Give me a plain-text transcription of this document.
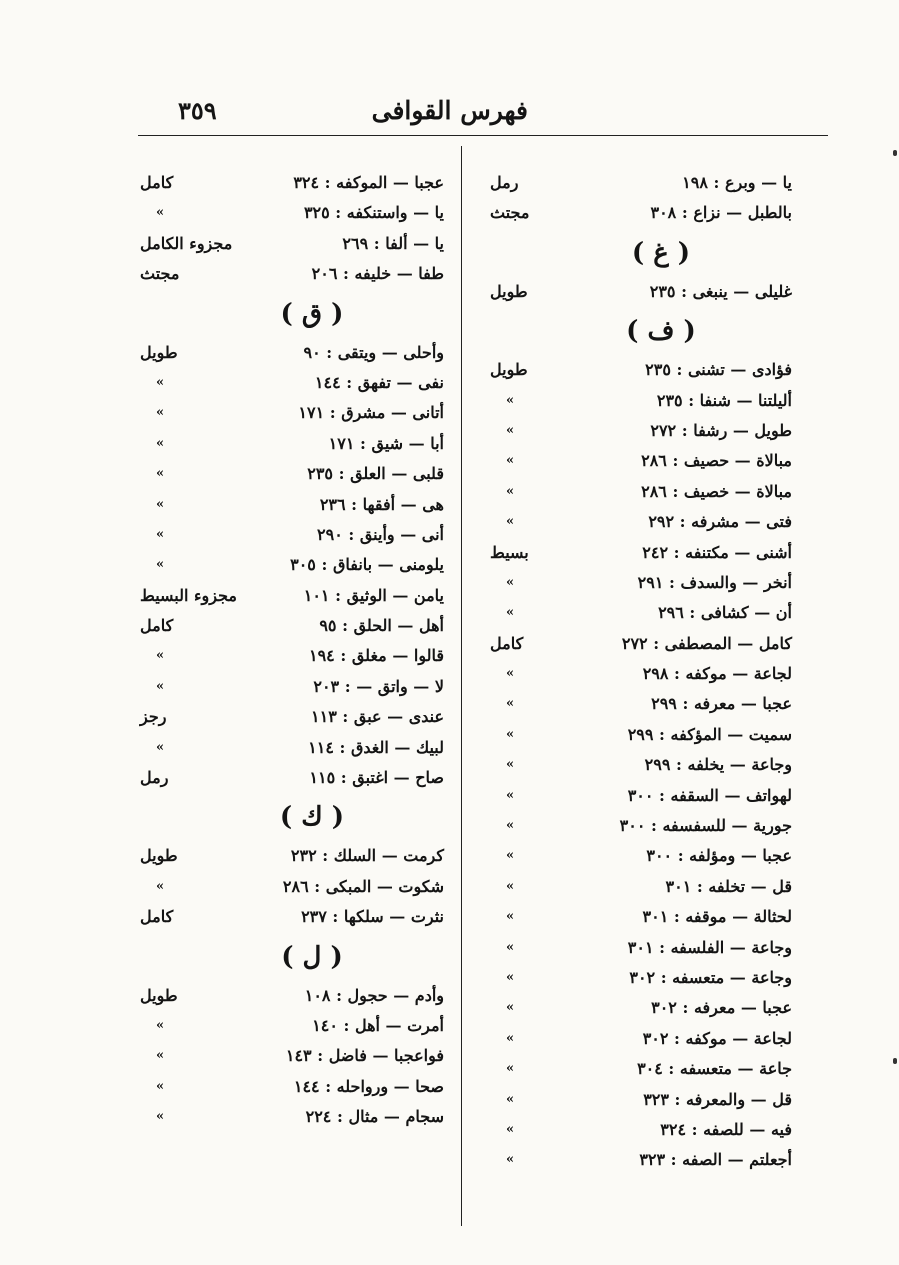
فهرس القوافى
٣٥٩
يا — وبرع : ١٩٨
رمل
بالطبل — نزاع : ٣٠٨
مجتث
( غ )
غليلى — ينبغى : ٢٣٥
طويل
( ف )
فؤادى — تشنى : ٢٣٥
طويل
أليلتنا — شنفا : ٢٣٥
»
طويل — رشفا : ٢٧٢
»
مبالاة — حصيف : ٢٨٦
»
مبالاة — خصيف : ٢٨٦
»
فتى — مشرفه : ٢٩٢
»
أشنى — مكتنفه : ٢٤٢
بسيط
أنخر — والسدف : ٢٩١
»
أن — كشافى : ٢٩٦
»
كامل — المصطفى : ٢٧٢
كامل
لجاعة — موكفه : ٢٩٨
»
عجبا — معرفه : ٢٩٩
»
سميت — المؤكفه : ٢٩٩
»
وجاعة — يخلفه : ٢٩٩
»
لهواتف — السقفه : ٣٠٠
»
جورية — للسفسفه : ٣٠٠
»
عجبا — ومؤلفه : ٣٠٠
»
قل — تخلفه : ٣٠١
»
لحثالة — موقفه : ٣٠١
»
وجاعة — الفلسفه : ٣٠١
»
وجاعة — متعسفه : ٣٠٢
»
عجبا — معرفه : ٣٠٢
»
لجاعة — موكفه : ٣٠٢
»
جاعة — متعسفه : ٣٠٤
»
قل — والمعرفه : ٣٢٣
»
فيه — للصفه : ٣٢٤
»
أجعلتم — الصفه : ٣٢٣
»
عجبا — الموكفه : ٣٢٤
كامل
يا — واستنكفه : ٣٢٥
»
يا — ألفا : ٢٦٩
مجزوء الكامل
طفا — خليفه : ٢٠٦
مجتث
( ق )
وأحلى — ويتقى : ٩٠
طويل
نفى — تفهق : ١٤٤
»
أتانى — مشرق : ١٧١
»
أبا — شيق : ١٧١
»
قلبى — العلق : ٢٣٥
»
هى — أفقها : ٢٣٦
»
أنى — وأينق : ٢٩٠
»
يلومنى — بانفاق : ٣٠٥
»
يامن — الوثيق : ١٠١
مجزوء البسيط
أهل — الحلق : ٩٥
كامل
قالوا — مغلق : ١٩٤
»
لا — واتق — : ٢٠٣
»
عندى — عبق : ١١٣
رجز
لبيك — الغدق : ١١٤
»
صاح — اغتبق : ١١٥
رمل
( ك )
كرمت — السلك : ٢٣٢
طويل
شكوت — المبكى : ٢٨٦
»
نثرت — سلكها : ٢٣٧
كامل
( ل )
وأدم — حجول : ١٠٨
طويل
أمرت — أهل : ١٤٠
»
فواعجبا — فاضل : ١٤٣
»
صحا — ورواحله : ١٤٤
»
سجام — مثال : ٢٢٤
»
